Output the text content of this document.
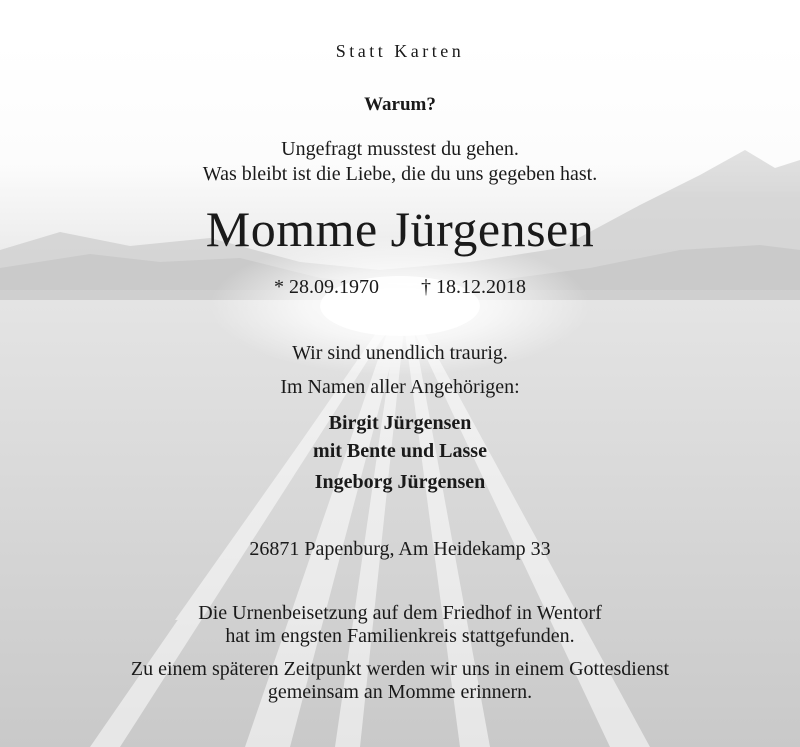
Statt Karten
Warum?
Ungefragt musstest du gehen.
Was bleibt ist die Liebe, die du uns gegeben hast.
Momme Jürgensen
* 28.09.1970 † 18.12.2018
Wir sind unendlich traurig.
Im Namen aller Angehörigen:
Birgit Jürgensen
mit Bente und Lasse
Ingeborg Jürgensen
26871 Papenburg, Am Heidekamp 33
Die Urnenbeisetzung auf dem Friedhof in Wentorf
hat im engsten Familienkreis stattgefunden.
Zu einem späteren Zeitpunkt werden wir uns in einem Gottesdienst
gemeinsam an Momme erinnern.
